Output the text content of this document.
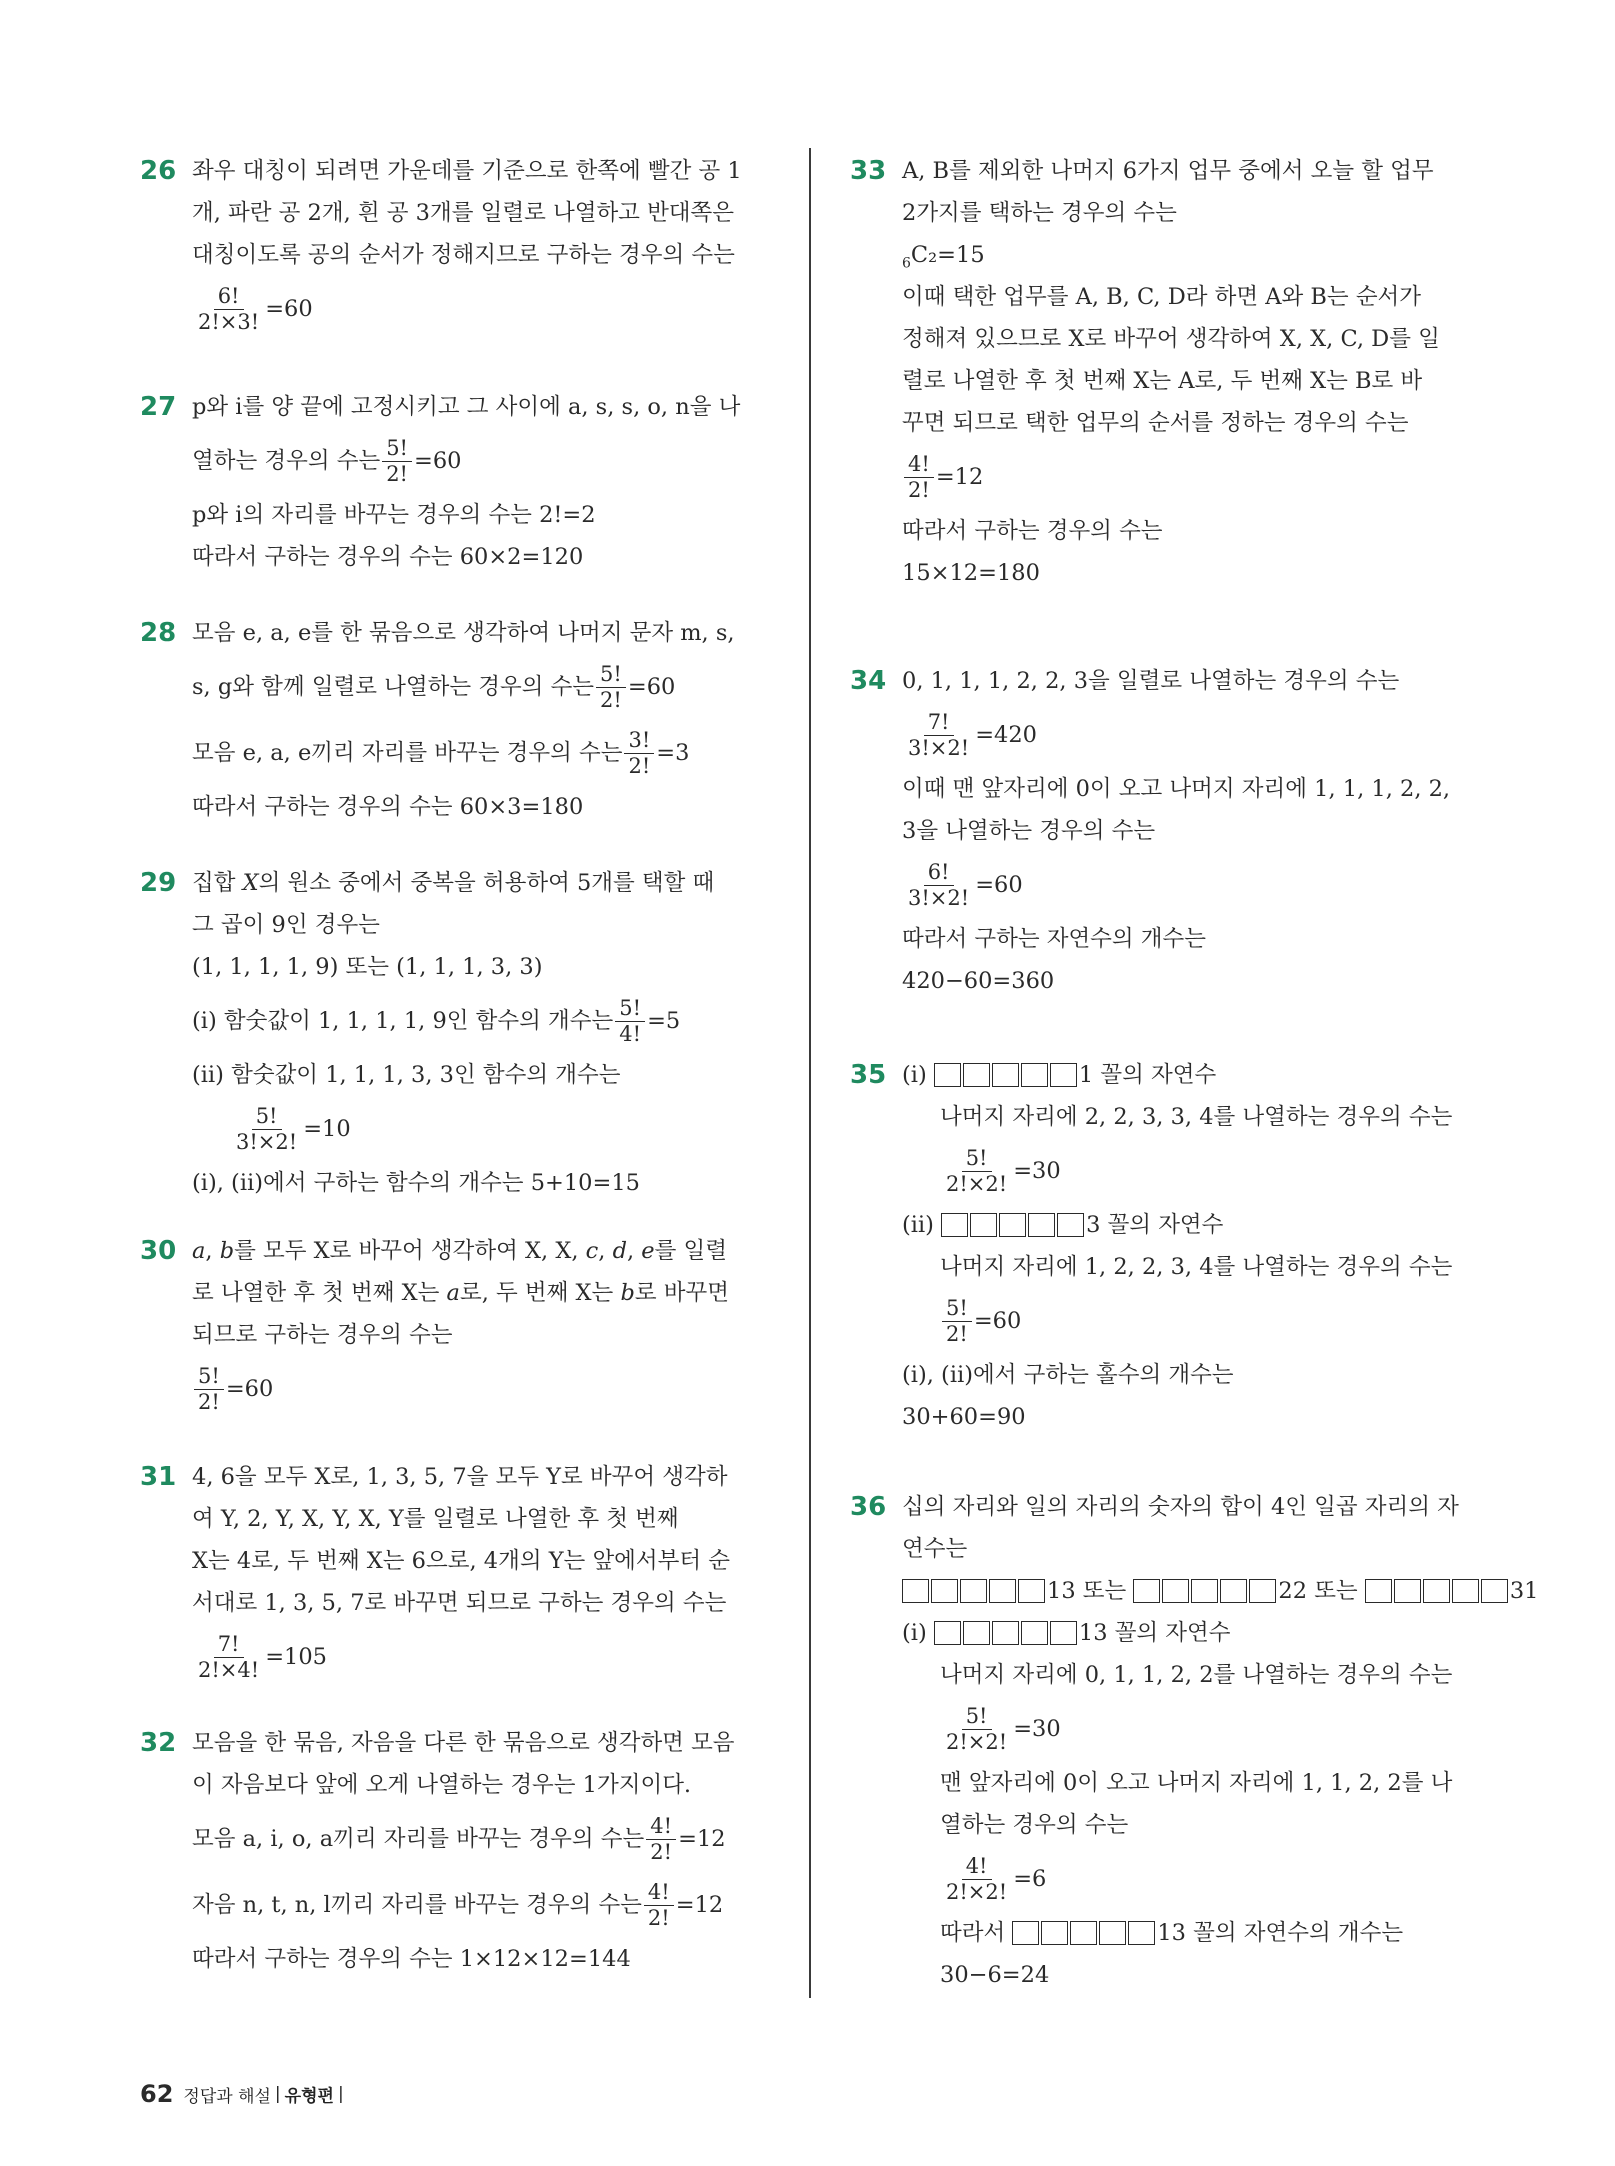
26 좌우 대칭이 되려면 가운데를 기준으로 한쪽에 빨간 공 1
개, 파란 공 2개, 흰 공 3개를 일렬로 나열하고 반대쪽은
대칭이도록 공의 순서가 정해지므로 구하는 경우의 수는
$\frac{6!}{2!\times 3!} =60$
27 p와 i를 양 끝에 고정시키고 그 사이에 a, s, s, o, n을 나
열하는 경우의 수는 $\frac{5!}{2!} =60$
p와 i의 자리를 바꾸는 경우의 수는 2!=2
따라서 구하는 경우의 수는 60×2=120
28 모음 e, a, e를 한 묶음으로 생각하여 나머지 문자 m, s,
s, g와 함께 일렬로 나열하는 경우의 수는 $\frac{5!}{2!} =60$
모음 e, a, e끼리 자리를 바꾸는 경우의 수는 $\frac{3!}{2!} =3$
따라서 구하는 경우의 수는 60×3=180
29 집합 X의 원소 중에서 중복을 허용하여 5개를 택할 때
그 곱이 9인 경우는
(1, 1, 1, 1, 9) 또는 (1, 1, 1, 3, 3)
(ⅰ) 함숫값이 1, 1, 1, 1, 9인 함수의 개수는 $\frac{5!}{4!} =5$
(ⅱ) 함숫값이 1, 1, 1, 3, 3인 함수의 개수는
$\frac{5!}{3!\times 2!} =10$
(ⅰ), (ⅱ)에서 구하는 함수의 개수는 5+10=15
30 a, b를 모두 X로 바꾸어 생각하여 X, X, c, d, e를 일렬
로 나열한 후 첫 번째 X는 a로, 두 번째 X는 b로 바꾸면
되므로 구하는 경우의 수는
$\frac{5!}{2!} =60$
31 4, 6을 모두 X로, 1, 3, 5, 7을 모두 Y로 바꾸어 생각하
여 Y, 2, Y, X, Y, X, Y를 일렬로 나열한 후 첫 번째
X는 4로, 두 번째 X는 6으로, 4개의 Y는 앞에서부터 순
서대로 1, 3, 5, 7로 바꾸면 되므로 구하는 경우의 수는
$\frac{7!}{2!\times 4!} =105$
32 모음을 한 묶음, 자음을 다른 한 묶음으로 생각하면 모음
이 자음보다 앞에 오게 나열하는 경우는 1가지이다.
모음 a, i, o, a끼리 자리를 바꾸는 경우의 수는 $\frac{4!}{2!} =12$
자음 n, t, n, l끼리 자리를 바꾸는 경우의 수는 $\frac{4!}{2!} =12$
따라서 구하는 경우의 수는 1×12×12=144
33 A, B를 제외한 나머지 6가지 업무 중에서 오늘 할 업무
2가지를 택하는 경우의 수는
$_6$C₂=15
이때 택한 업무를 A, B, C, D라 하면 A와 B는 순서가
정해져 있으므로 X로 바꾸어 생각하여 X, X, C, D를 일
렬로 나열한 후 첫 번째 X는 A로, 두 번째 X는 B로 바
꾸면 되므로 택한 업무의 순서를 정하는 경우의 수는
$\frac{4!}{2!} =12$
따라서 구하는 경우의 수는
15×12=180
34 0, 1, 1, 1, 2, 2, 3을 일렬로 나열하는 경우의 수는
$\frac{7!}{3!\times 2!} =420$
이때 맨 앞자리에 0이 오고 나머지 자리에 1, 1, 1, 2, 2,
3을 나열하는 경우의 수는
$\frac{6!}{3!\times 2!} =60$
따라서 구하는 자연수의 개수는
420−60=360
35 (ⅰ)	1 꼴의 자연수
나머지 자리에 2, 2, 3, 3, 4를 나열하는 경우의 수는
$\frac{5!}{2!\times 2!} =30$
(ⅱ)	3 꼴의 자연수
나머지 자리에 1, 2, 2, 3, 4를 나열하는 경우의 수는
$\frac{5!}{2!} =60$
(ⅰ), (ⅱ)에서 구하는 홀수의 개수는
30+60=90
36 십의 자리와 일의 자리의 숫자의 합이 4인 일곱 자리의 자
연수는
13 또는	22 또는	31
(ⅰ)	13 꼴의 자연수
나머지 자리에 0, 1, 1, 2, 2를 나열하는 경우의 수는
$\frac{5!}{2!\times 2!} =30$
맨 앞자리에 0이 오고 나머지 자리에 1, 1, 2, 2를 나
열하는 경우의 수는
$\frac{4!}{2!\times 2!} =6$
따라서	13 꼴의 자연수의 개수는
30−6=24
62 정답과 해설 | 유형편 |
